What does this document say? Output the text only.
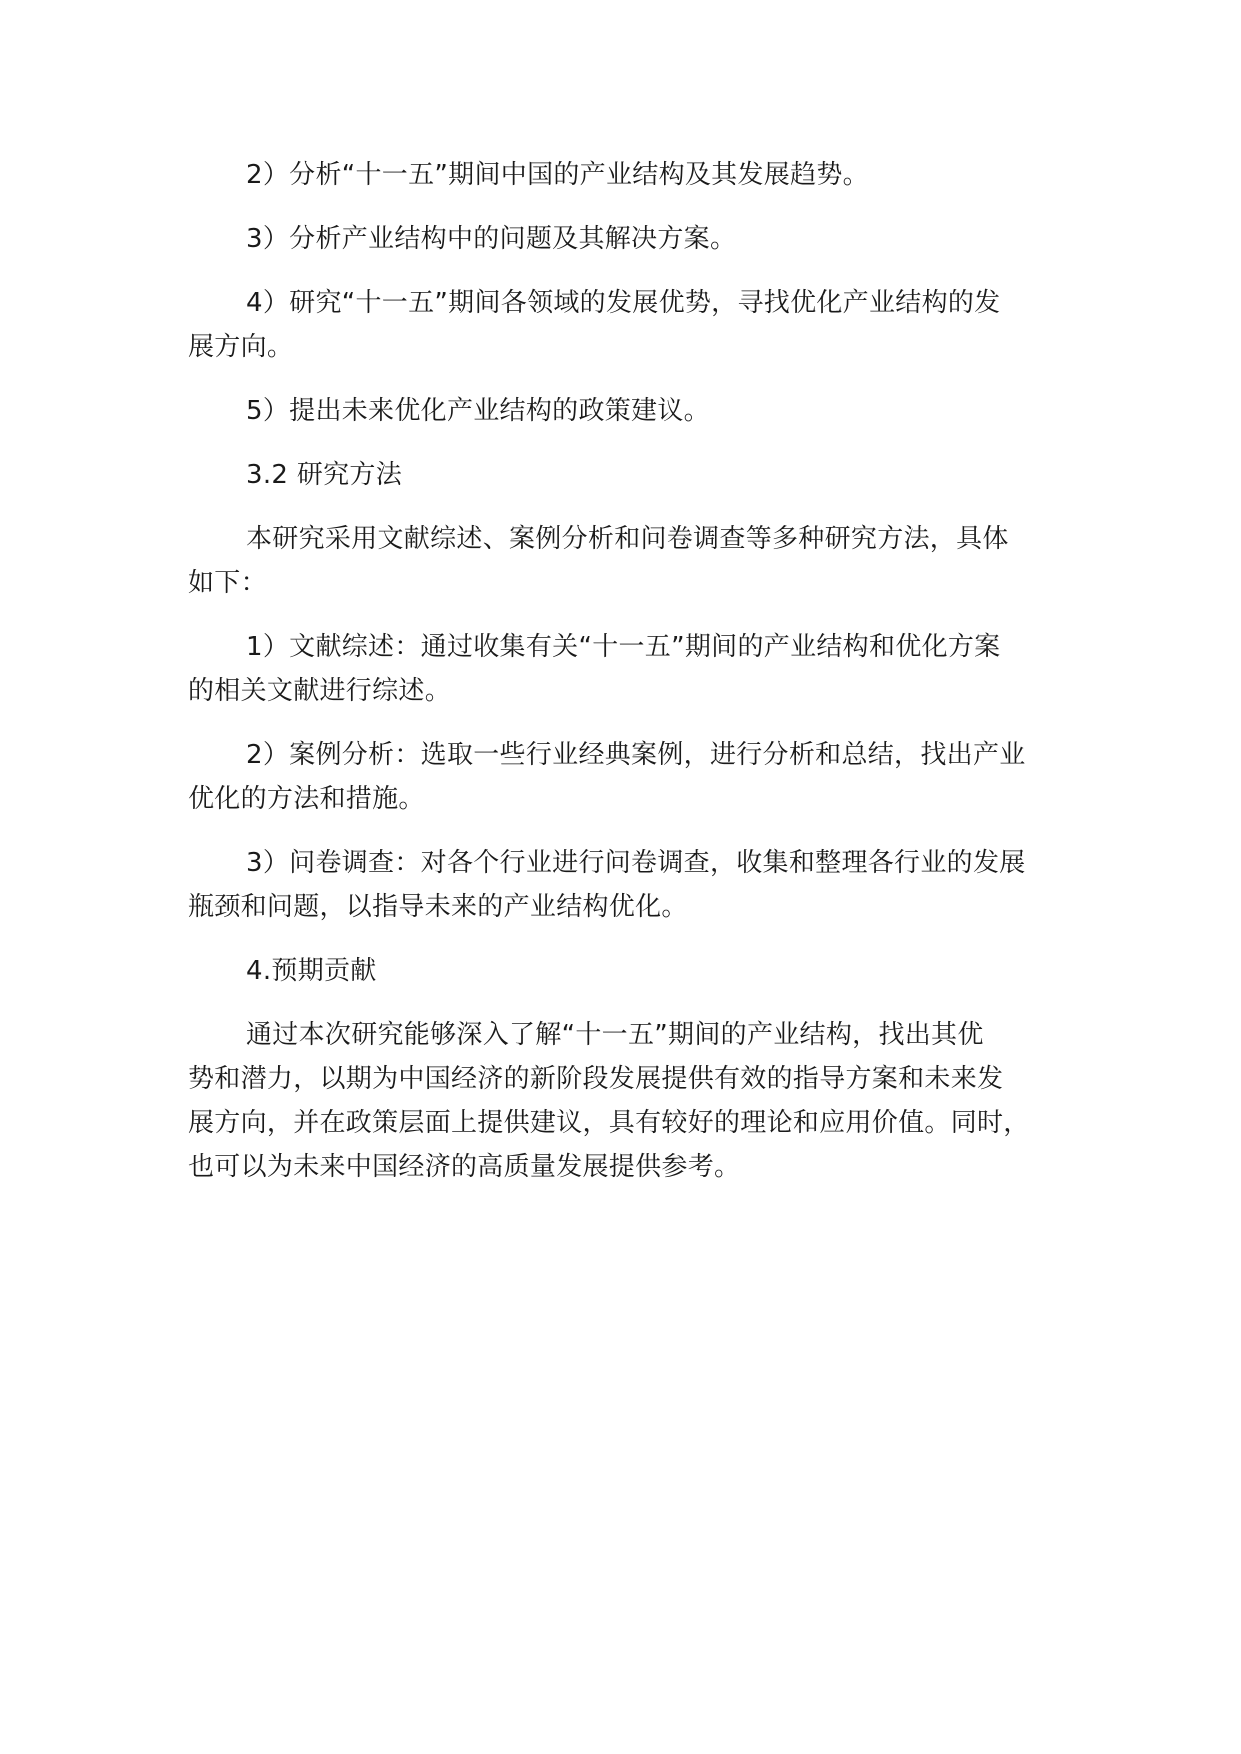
2）分析“十一五”期间中国的产业结构及其发展趋势。

3）分析产业结构中的问题及其解决方案。

4）研究“十一五”期间各领域的发展优势，寻找优化产业结构的发
展方向。

5）提出未来优化产业结构的政策建议。

3.2 研究方法

本研究采用文献综述、案例分析和问卷调查等多种研究方法，具体
如下：

1）文献综述：通过收集有关“十一五”期间的产业结构和优化方案
的相关文献进行综述。

2）案例分析：选取一些行业经典案例，进行分析和总结，找出产业
优化的方法和措施。

3）问卷调查：对各个行业进行问卷调查，收集和整理各行业的发展
瓶颈和问题，以指导未来的产业结构优化。

4.预期贡献

通过本次研究能够深入了解“十一五”期间的产业结构，找出其优
势和潜力，以期为中国经济的新阶段发展提供有效的指导方案和未来发
展方向，并在政策层面上提供建议，具有较好的理论和应用价值。同时，
也可以为未来中国经济的高质量发展提供参考。
